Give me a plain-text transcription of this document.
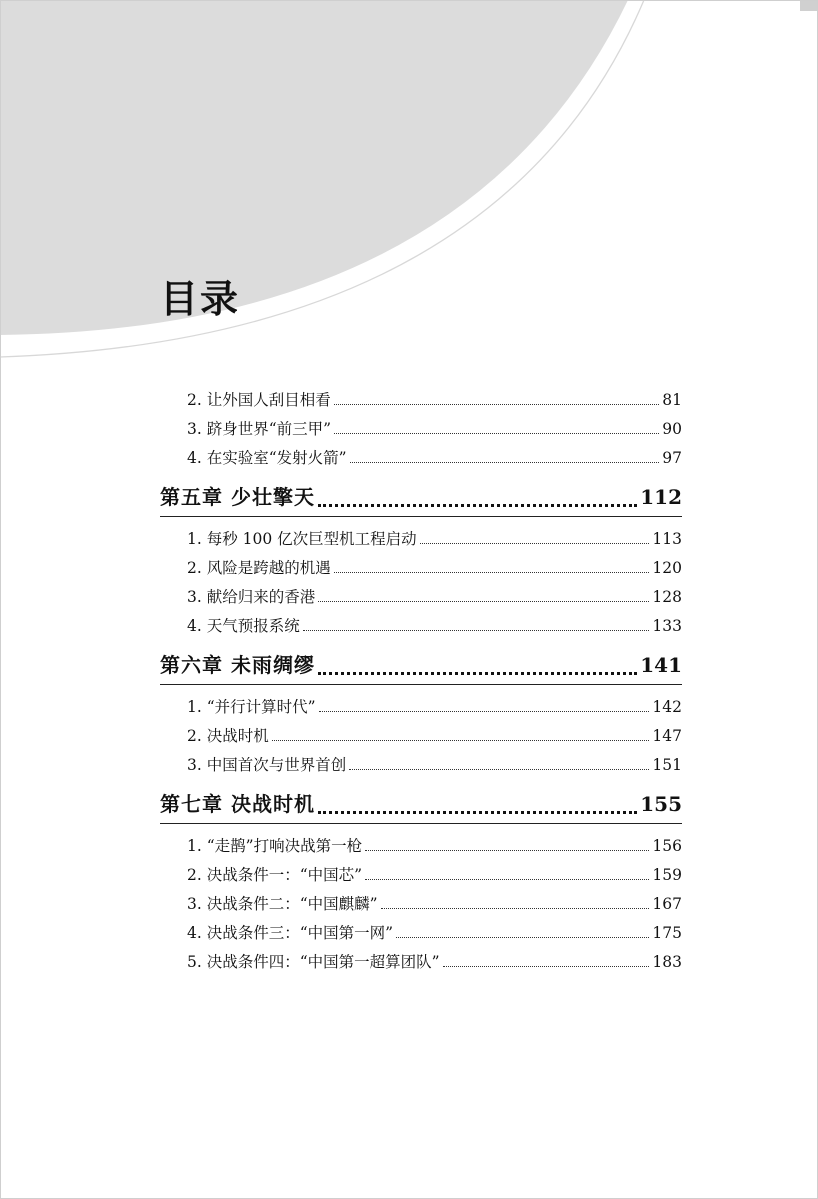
目录
2. 让外国人刮目相看	81
3. 跻身世界“前三甲”	90
4. 在实验室“发射火箭”	97
第五章 少壮擎天	112
1. 每秒 100 亿次巨型机工程启动	113
2. 风险是跨越的机遇	120
3. 献给归来的香港	128
4. 天气预报系统	133
第六章 未雨绸缪	141
1. “并行计算时代”	142
2. 决战时机	147
3. 中国首次与世界首创	151
第七章 决战时机	155
1. “走鹊”打响决战第一枪	156
2. 决战条件一：“中国芯”	159
3. 决战条件二：“中国麒麟”	167
4. 决战条件三：“中国第一网”	175
5. 决战条件四：“中国第一超算团队”	183
